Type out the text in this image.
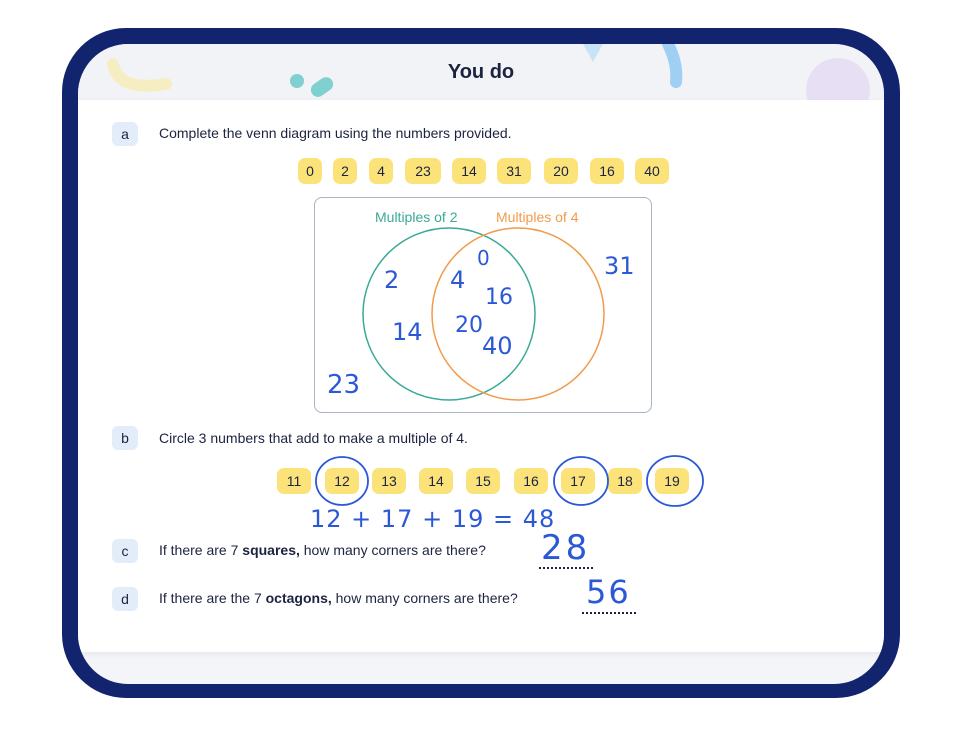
You do
a	Complete the venn diagram using the numbers provided.
0	2	4	23	14	31	20	16	40
Multiples of 2	Multiples of 4
2
14
4
0
16
20
40
31
23
b	Circle 3 numbers that add to make a multiple of 4.
11	12	13	14	15	16	17	18	19
12 + 17 + 19 = 48
c	If there are 7 squares, how many corners are there? 28
d	If there are the 7 octagons, how many corners are there? 56
